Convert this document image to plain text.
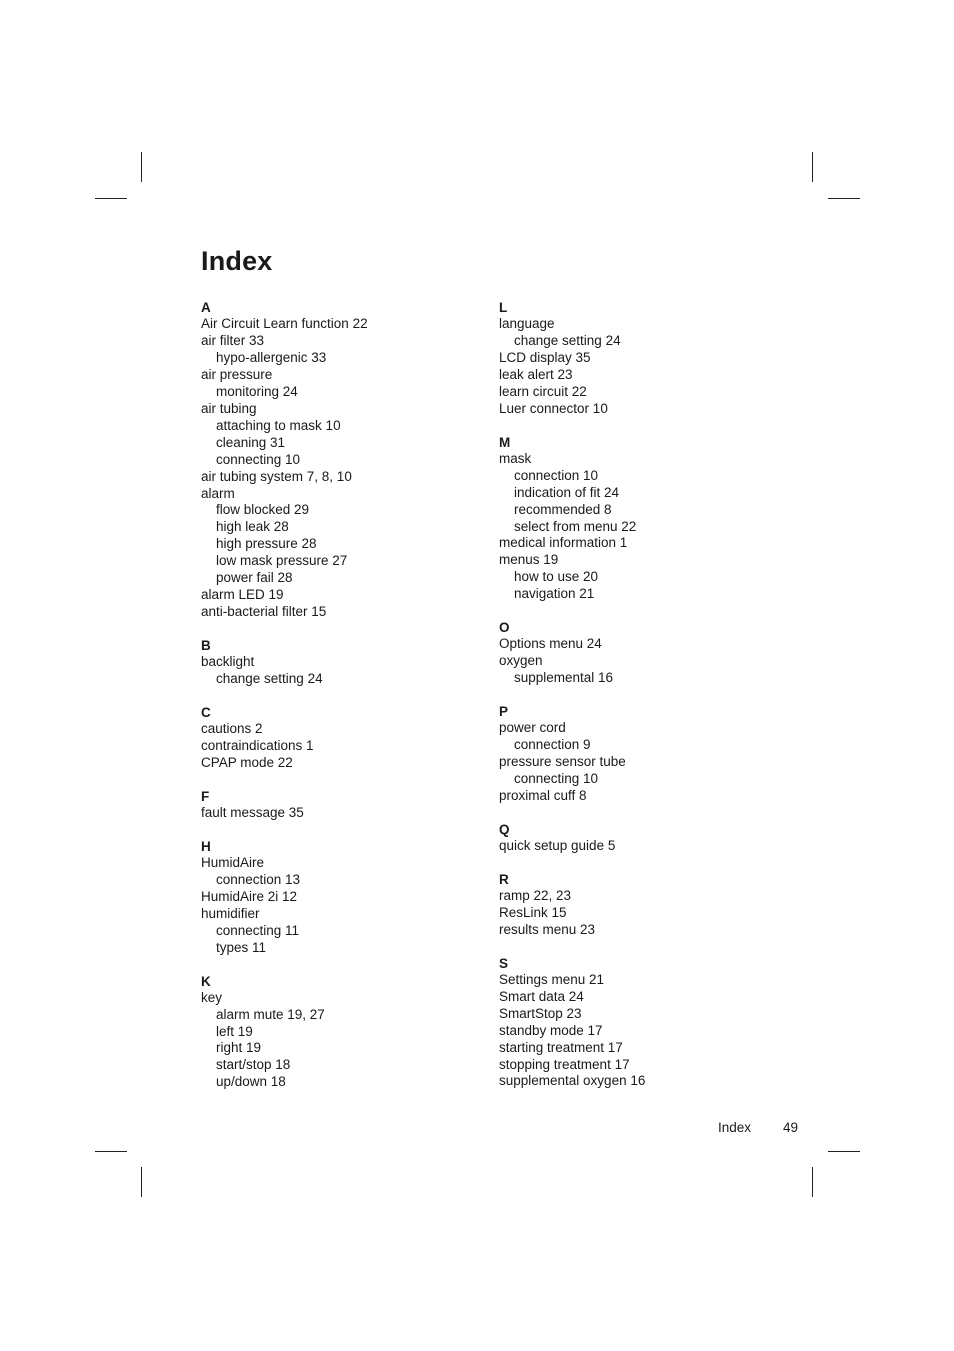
Index
A
Air Circuit Learn function 22
air filter 33
hypo-allergenic 33
air pressure
monitoring 24
air tubing
attaching to mask 10
cleaning 31
connecting 10
air tubing system 7, 8, 10
alarm
flow blocked 29
high leak 28
high pressure 28
low mask pressure 27
power fail 28
alarm LED 19
anti-bacterial filter 15
B
backlight
change setting 24
C
cautions 2
contraindications 1
CPAP mode 22
F
fault message 35
H
HumidAire
connection 13
HumidAire 2i 12
humidifier
connecting 11
types 11
K
key
alarm mute 19, 27
left 19
right 19
start/stop 18
up/down 18
L
language
change setting 24
LCD display 35
leak alert 23
learn circuit 22
Luer connector 10
M
mask
connection 10
indication of fit 24
recommended 8
select from menu 22
medical information 1
menus 19
how to use 20
navigation 21
O
Options menu 24
oxygen
supplemental 16
P
power cord
connection 9
pressure sensor tube
connecting 10
proximal cuff 8
Q
quick setup guide 5
R
ramp 22, 23
ResLink 15
results menu 23
S
Settings menu 21
Smart data 24
SmartStop 23
standby mode 17
starting treatment 17
stopping treatment 17
supplemental oxygen 16
Index 49
